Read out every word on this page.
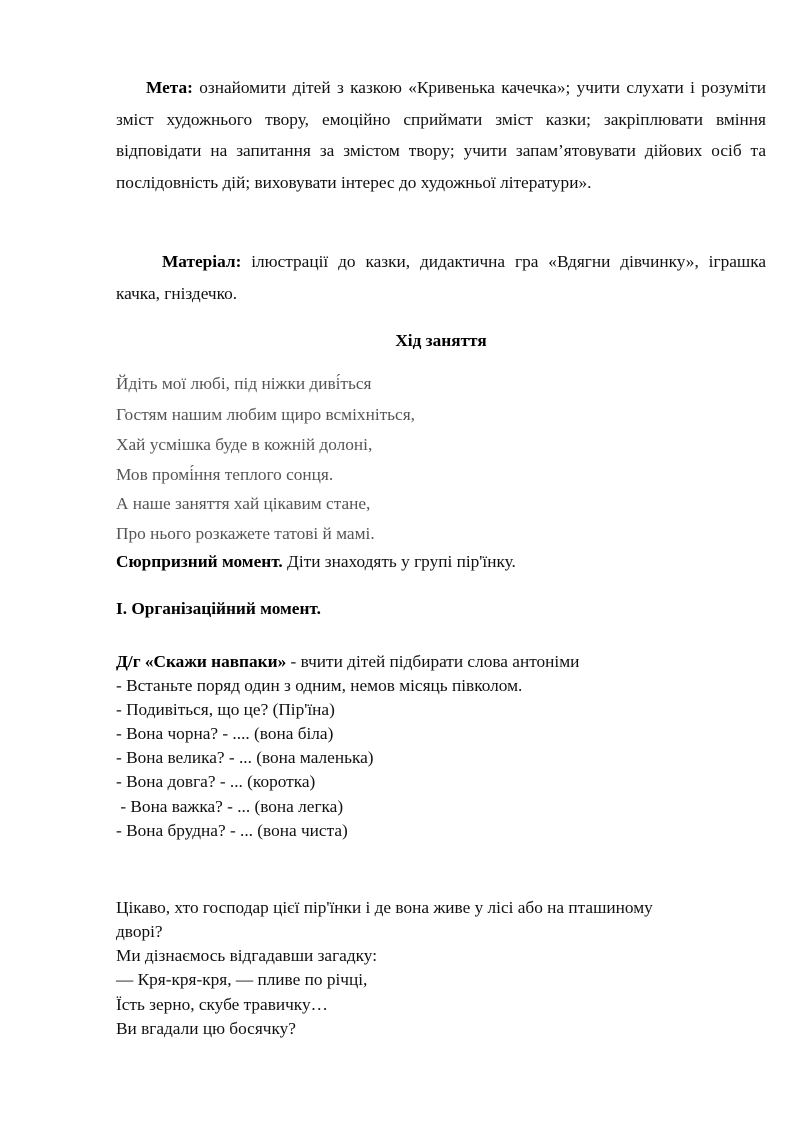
Мета: ознайомити дітей з казкою «Кривенька качечка»; учити слухати і розуміти зміст художнього твору, емоційно сприймати зміст казки; закріплювати вміння відповідати на запитання за змістом твору; учити запам’ятовувати дійових осіб та послідовність дій; виховувати інтерес до художньої літератури».
Матеріал: ілюстрації до казки, дидактична гра «Вдягни дівчинку», іграшка качка, гніздечко.
Хід заняття
Йдіть мої любі, під ніжки диві́ться
Гостям нашим любим щиро всміхніться,
Хай усмішка буде в кожній долоні,
Мов промі́ння теплого сонця.
А наше заняття хай цікавим стане,
Про нього розкажете татові й мамі.
Сюрпризний момент. Діти знаходять у групі пір'їнку.
І. Організаційний момент.
Д/г «Скажи навпаки» - вчити дітей підбирати слова антоніми
- Встаньте поряд один з одним, немов місяць півколом.
- Подивіться, що це? (Пір'їна)
- Вона чорна? - .... (вона біла)
- Вона велика? - ... (вона маленька)
- Вона довга? - ... (коротка)
- Вона важка? - ... (вона легка)
- Вона брудна? - ... (вона чиста)
Цікаво, хто господар цієї пір'їнки і де вона живе у лісі або на пташиному
дворі?
Ми дізнаємось відгадавши загадку:
— Кря-кря-кря, — пливе по річці,
Їсть зерно, скубе травичку…
Ви вгадали цю босячку?
